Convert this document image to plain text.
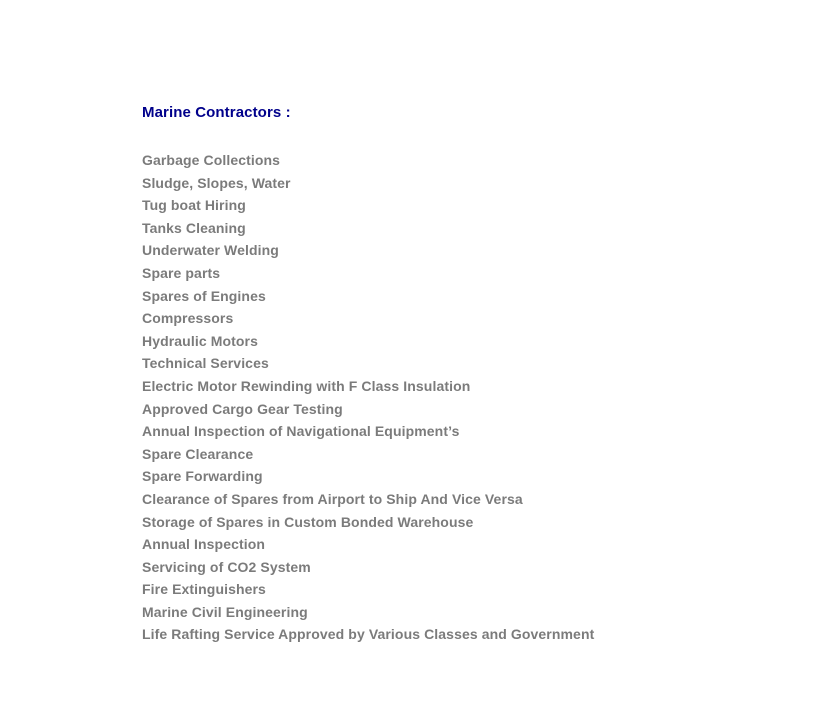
Marine Contractors :
Garbage Collections
Sludge, Slopes, Water
Tug boat Hiring
Tanks Cleaning
Underwater Welding
Spare parts
Spares of Engines
Compressors
Hydraulic Motors
Technical Services
Electric Motor Rewinding with F Class Insulation
Approved Cargo Gear Testing
Annual Inspection of Navigational Equipment’s
Spare Clearance
Spare Forwarding
Clearance of Spares from Airport to Ship And Vice Versa
Storage of Spares in Custom Bonded Warehouse
Annual Inspection
Servicing of CO2 System
Fire Extinguishers
Marine Civil Engineering
Life Rafting Service Approved by Various Classes and Government
